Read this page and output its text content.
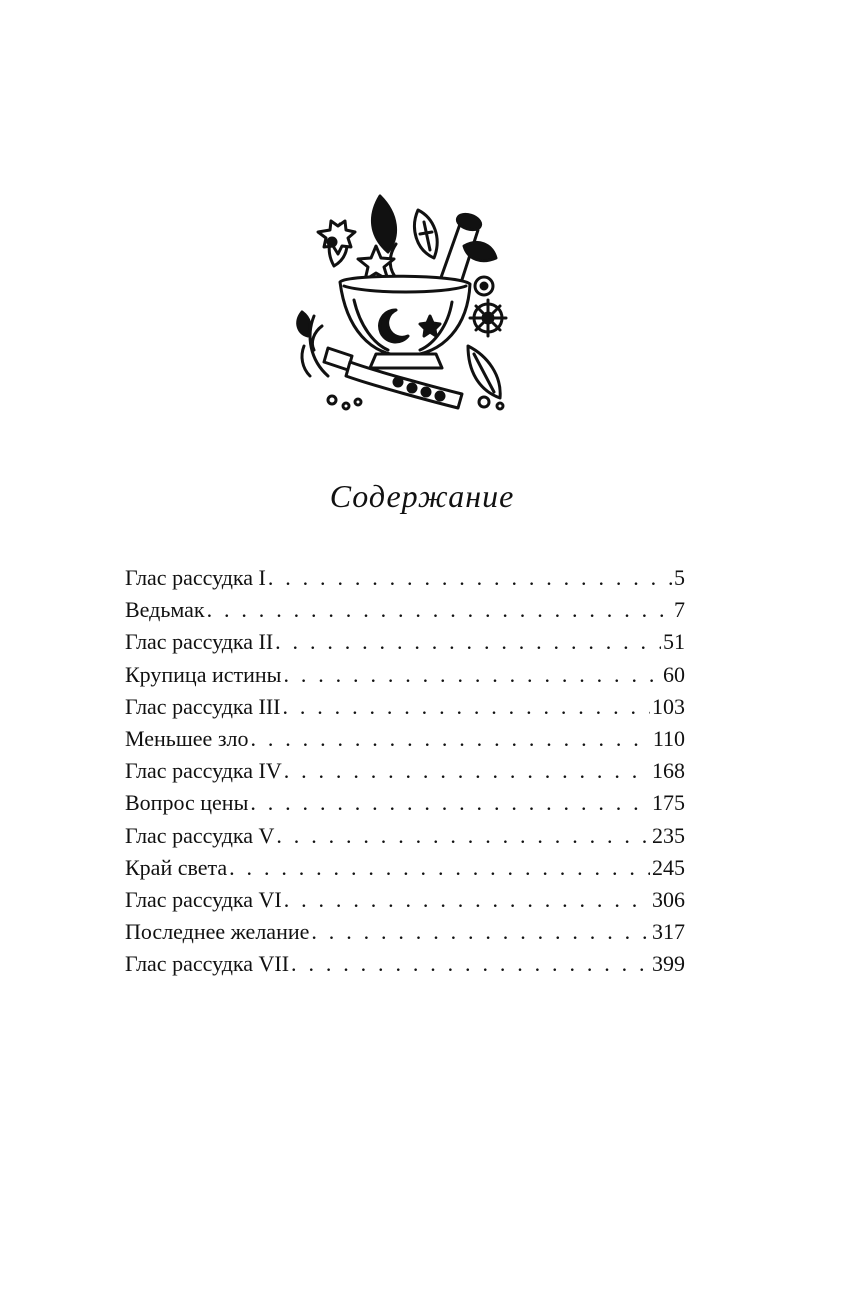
Содержание
Глас рассудка I . . .	5
Ведьмак . . .	7
Глас рассудка II . . .	51
Крупица истины . . .	60
Глас рассудка III . . .	103
Меньшее зло . . .	110
Глас рассудка IV . . .	168
Вопрос цены . . .	175
Глас рассудка V . . .	235
Край света . . .	245
Глас рассудка VI . . .	306
Последнее желание . . .	317
Глас рассудка VII . . .	399
